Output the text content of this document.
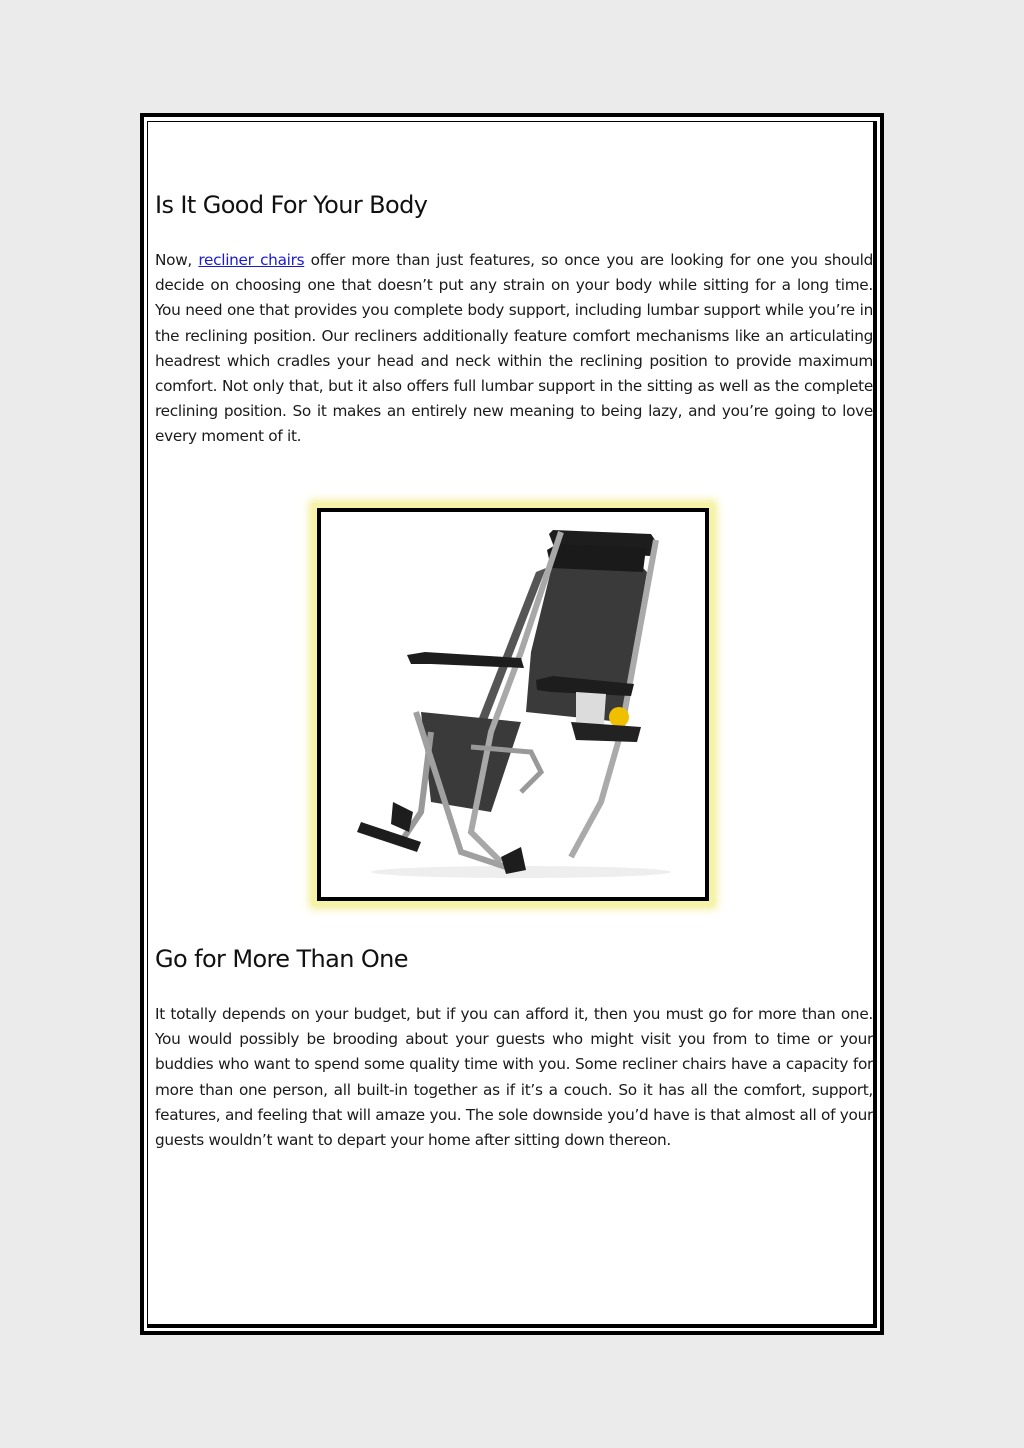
Is It Good For Your Body

Now, recliner chairs offer more than just features, so once you are looking for one you should decide on choosing one that doesn’t put any strain on your body while sitting for a long time. You need one that provides you complete body support, including lumbar support while you’re in the reclining position. Our recliners additionally feature comfort mechanisms like an articulating headrest which cradles your head and neck within the reclining position to provide maximum comfort. Not only that, but it also offers full lumbar support in the sitting as well as the complete reclining position. So it makes an entirely new meaning to being lazy, and you’re going to love every moment of it.

Go for More Than One

It totally depends on your budget, but if you can afford it, then you must go for more than one. You would possibly be brooding about your guests who might visit you from to time or your buddies who want to spend some quality time with you. Some recliner chairs have a capacity for more than one person, all built-in together as if it’s a couch. So it has all the comfort, support, features, and feeling that will amaze you. The sole downside you’d have is that almost all of your guests wouldn’t want to depart your home after sitting down thereon.
